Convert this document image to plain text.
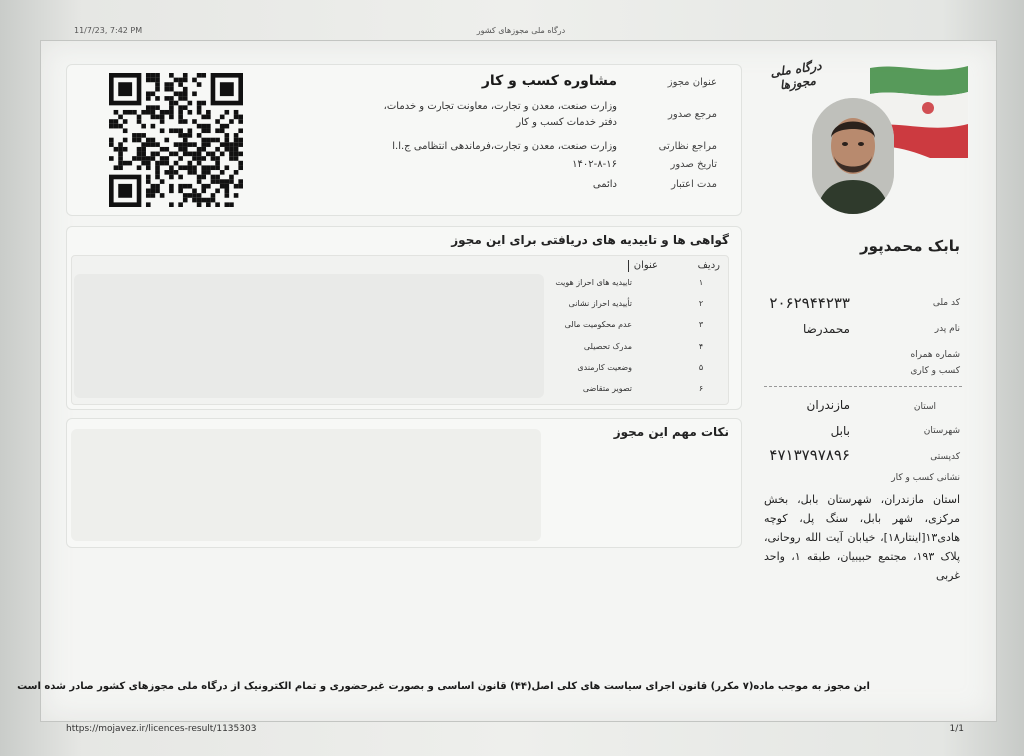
11/7/23, 7:42 PM	درگاه ملی مجوزهای کشور
عنوان مجوز
مشاوره کسب و کار
مرجع صدور
وزارت صنعت، معدن و تجارت، معاونت تجارت و خدمات، دفتر خدمات کسب و کار
مراجع نظارتی
وزارت صنعت، معدن و تجارت،فرماندهی انتظامی ج.ا.ا
تاریخ صدور
۱۴۰۲-۸-۱۶
مدت اعتبار
دائمی
گواهی ها و تاییدیه های دریافتی برای این مجوز
ردیف
عنوان
۱
تاییدیه های احراز هویت
۲
تأییدیه احراز نشانی
۳
عدم محکومیت مالی
۴
مدرک تحصیلی
۵
وضعیت کارمندی
۶
تصویر متقاضی
نکات مهم این مجوز
درگاه ملی مجوزها
بابک محمدپور
کد ملی
۲۰۶۲۹۴۴۲۳۳
نام پدر
محمدرضا
شماره همراه
کسب و کاری
استان
مازندران
شهرستان
بابل
کدپستی
۴۷۱۳۷۹۷۸۹۶
نشانی کسب و کار
استان مازندران، شهرستان بابل، بخش مرکزی، شهر بابل، سنگ پل، کوچه هادی۱۳[اینتار۱۸]، خیابان آیت الله روحانی، پلاک ۱۹۳، مجتمع حبیبیان، طبقه ۱، واحد غربی
این مجوز به موجب ماده(۷ مکرر) قانون اجرای سیاست های کلی اصل(۴۴) قانون اساسی و بصورت غیرحضوری و تمام الکترونیک از درگاه ملی مجوزهای کشور صادر شده است
https://mojavez.ir/licences-result/1135303	1/1
